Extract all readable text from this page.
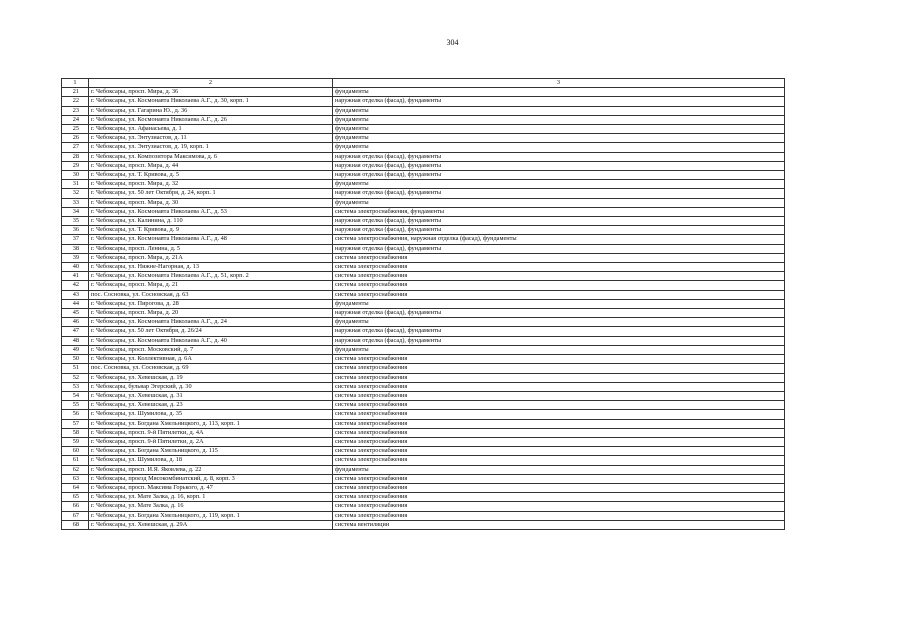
304
1	2	3
21	г. Чебоксары, просп. Мира, д. 36	фундаменты
22	г. Чебоксары, ул. Космонавта Николаева А.Г., д. 30, корп. 1	наружная отделка (фасад), фундаменты
23	г. Чебоксары, ул. Гагарина Ю., д. 36	фундаменты
24	г. Чебоксары, ул. Космонавта Николаева А.Г., д. 26	фундаменты
25	г. Чебоксары, ул. Афанасьева, д. 1	фундаменты
26	г. Чебоксары, ул. Энтузиастов, д. 11	фундаменты
27	г. Чебоксары, ул. Энтузиастов, д. 19, корп. 1	фундаменты
28	г. Чебоксары, ул. Композитора Максимова, д. 6	наружная отделка (фасад), фундаменты
29	г. Чебоксары, просп. Мира, д. 44	наружная отделка (фасад), фундаменты
30	г. Чебоксары, ул. Т. Кривова, д. 5	наружная отделка (фасад), фундаменты
31	г. Чебоксары, просп. Мира, д. 32	фундаменты
32	г. Чебоксары, ул. 50 лет Октября, д. 24, корп. 1	наружная отделка (фасад), фундаменты
33	г. Чебоксары, просп. Мира, д. 30	фундаменты
34	г. Чебоксары, ул. Космонавта Николаева А.Г., д. 53	система электроснабжения, фундаменты
35	г. Чебоксары, ул. Калинина, д. 110	наружная отделка (фасад), фундаменты
36	г. Чебоксары, ул. Т. Кривова, д. 9	наружная отделка (фасад), фундаменты
37	г. Чебоксары, ул. Космонавта Николаева А.Г., д. 48	система электроснабжения, наружная отделка (фасад), фундаменты
38	г. Чебоксары, просп. Ленина, д. 5	наружная отделка (фасад), фундаменты
39	г. Чебоксары, просп. Мира, д. 21А	система электроснабжения
40	г. Чебоксары, ул. Нижне-Нагорная, д. 13	система электроснабжения
41	г. Чебоксары, ул. Космонавта Николаева А.Г., д. 51, корп. 2	система электроснабжения
42	г. Чебоксары, просп. Мира, д. 21	система электроснабжения
43	пос. Сосновка, ул. Сосновская, д. 63	система электроснабжения
44	г. Чебоксары, ул. Пирогова, д. 28	фундаменты
45	г. Чебоксары, просп. Мира, д. 20	наружная отделка (фасад), фундаменты
46	г. Чебоксары, ул. Космонавта Николаева А.Г., д. 24	фундаменты
47	г. Чебоксары, ул. 50 лет Октября, д. 26/24	наружная отделка (фасад), фундаменты
48	г. Чебоксары, ул. Космонавта Николаева А.Г., д. 40	наружная отделка (фасад), фундаменты
49	г. Чебоксары, просп. Московский, д. 7	фундаменты
50	г. Чебоксары, ул. Коллективная, д. 6А	система электроснабжения
51	пос. Сосновка, ул. Сосновская, д. 69	система электроснабжения
52	г. Чебоксары, ул. Хевешская, д. 19	система электроснабжения
53	г. Чебоксары, бульвар Эгерский, д. 30	система электроснабжения
54	г. Чебоксары, ул. Хевешская, д. 31	система электроснабжения
55	г. Чебоксары, ул. Хевешская, д. 23	система электроснабжения
56	г. Чебоксары, ул. Шумилова, д. 35	система электроснабжения
57	г. Чебоксары, ул. Богдана Хмельницкого, д. 113, корп. 1	система электроснабжения
58	г. Чебоксары, просп. 9-й Пятилетки, д. 4А	система электроснабжения
59	г. Чебоксары, просп. 9-й Пятилетки, д. 2А	система электроснабжения
60	г. Чебоксары, ул. Богдана Хмельницкого, д. 115	система электроснабжения
61	г. Чебоксары, ул. Шумилова, д. 18	система электроснабжения
62	г. Чебоксары, просп. И.Я. Яковлева, д. 22	фундаменты
63	г. Чебоксары, проезд Мясокомбинатский, д. 8, корп. 3	система электроснабжения
64	г. Чебоксары, просп. Максима Горького, д. 47	система электроснабжения
65	г. Чебоксары, ул. Мате Залка, д. 16, корп. 1	система электроснабжения
66	г. Чебоксары, ул. Мате Залка, д. 16	система электроснабжения
67	г. Чебоксары, ул. Богдана Хмельницкого, д. 119, корп. 1	система электроснабжения
68	г. Чебоксары, ул. Хевешская, д. 29А	система вентиляции
